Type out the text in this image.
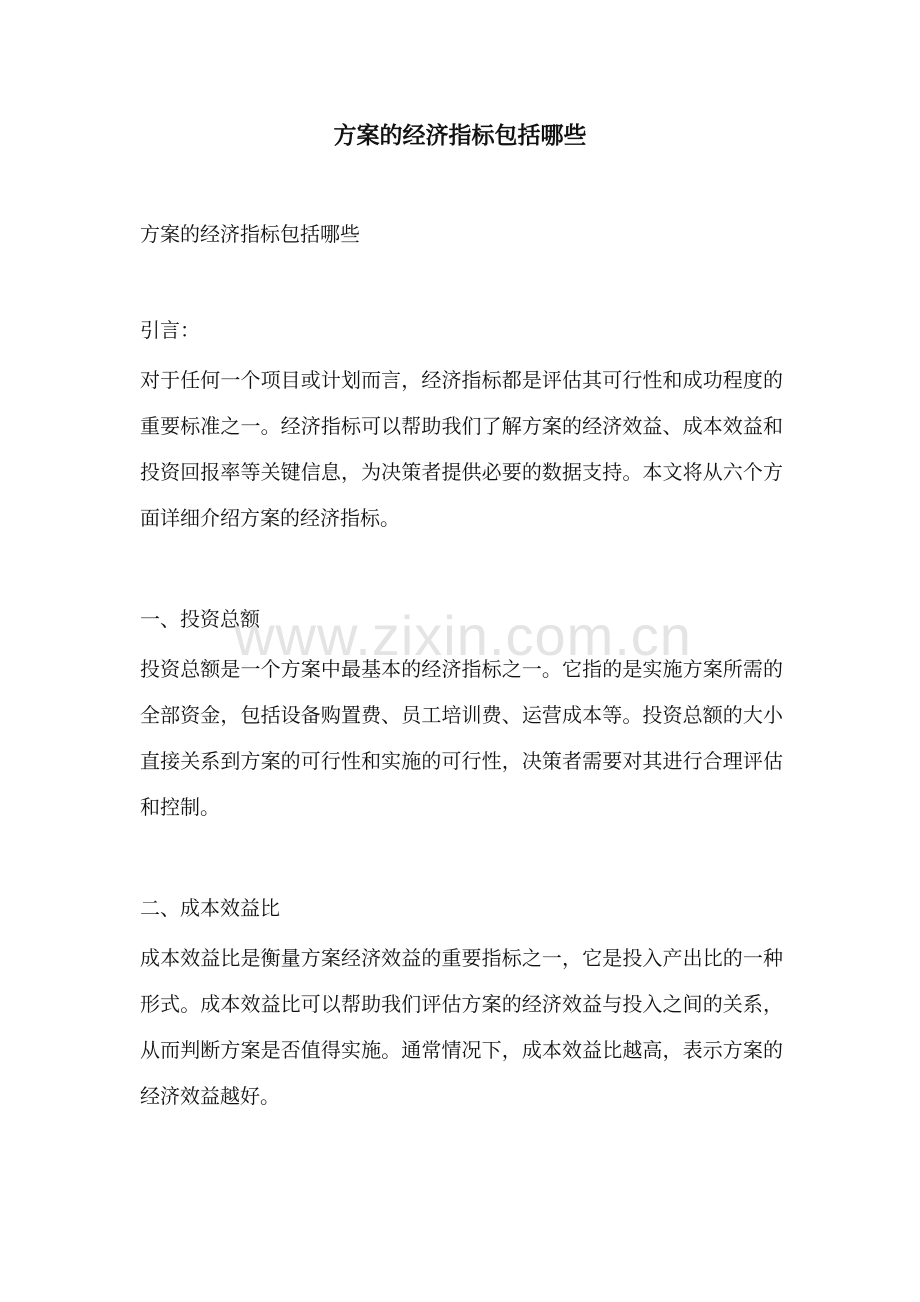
方案的经济指标包括哪些

方案的经济指标包括哪些

引言：

对于任何一个项目或计划而言，经济指标都是评估其可行性和成功程度的重要标准之一。经济指标可以帮助我们了解方案的经济效益、成本效益和投资回报率等关键信息，为决策者提供必要的数据支持。本文将从六个方面详细介绍方案的经济指标。

一、投资总额

投资总额是一个方案中最基本的经济指标之一。它指的是实施方案所需的全部资金，包括设备购置费、员工培训费、运营成本等。投资总额的大小直接关系到方案的可行性和实施的可行性，决策者需要对其进行合理评估和控制。

二、成本效益比

成本效益比是衡量方案经济效益的重要指标之一，它是投入产出比的一种形式。成本效益比可以帮助我们评估方案的经济效益与投入之间的关系，从而判断方案是否值得实施。通常情况下，成本效益比越高，表示方案的经济效益越好。

www.zixin.com.cn
